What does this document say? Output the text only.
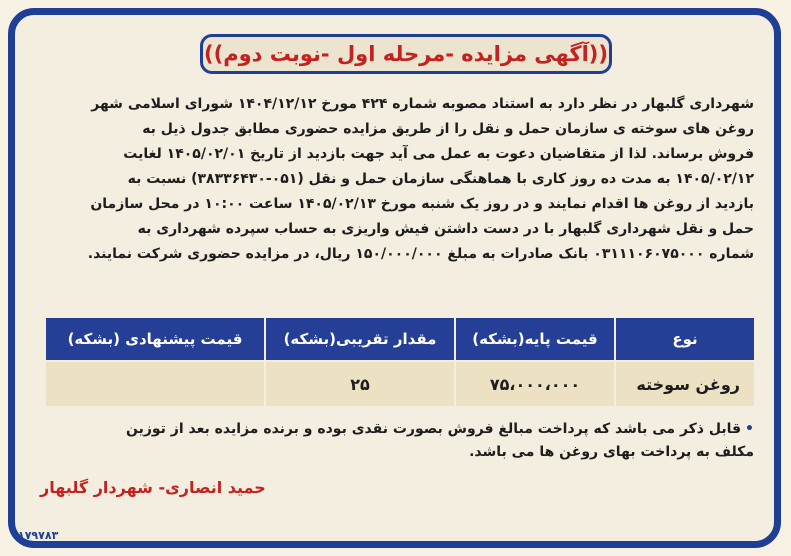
((آگهی مزایده -مرحله اول -نوبت دوم))
شهرداری گلبهار در نظر دارد به استناد مصوبه شماره ۴۲۴ مورخ ۱۴۰۴/۱۲/۱۲ شورای اسلامی شهر
روغن های سوخته ی سازمان حمل و نقل را از طریق مزایده حضوری مطابق جدول ذیل به
فروش برساند. لذا از متقاضیان دعوت به عمل می آید جهت بازدید از تاریخ ۱۴۰۵/۰۲/۰۱ لغایت
۱۴۰۵/۰۲/۱۲ به مدت ده روز کاری با هماهنگی سازمان حمل و نقل (۰۵۱-۳۸۳۳۶۴۳۰) نسبت به
بازدید از روغن ها اقدام نمایند و در روز یک شنبه مورخ ۱۴۰۵/۰۲/۱۳ ساعت ۱۰:۰۰ در محل سازمان
حمل و نقل شهرداری گلبهار با در دست داشتن فیش واریزی به حساب سپرده شهرداری به
شماره ۰۳۱۱۱۰۶۰۷۵۰۰۰ بانک صادرات به مبلغ ۱۵۰/۰۰۰/۰۰۰ ریال، در مزایده حضوری شرکت نمایند.
نوع	قیمت پایه(بشکه)	مقدار تقریبی(بشکه)	قیمت پیشنهادی (بشکه)
روغن سوخته	۷۵،۰۰۰،۰۰۰	۲۵	
•قابل ذکر می باشد که پرداخت مبالغ فروش بصورت نقدی بوده و برنده مزایده بعد از توزین
مکلف به پرداخت بهای روغن ها می باشد.
حمید انصاری- شهردار گلبهار
۱۷۹۷۸۳
